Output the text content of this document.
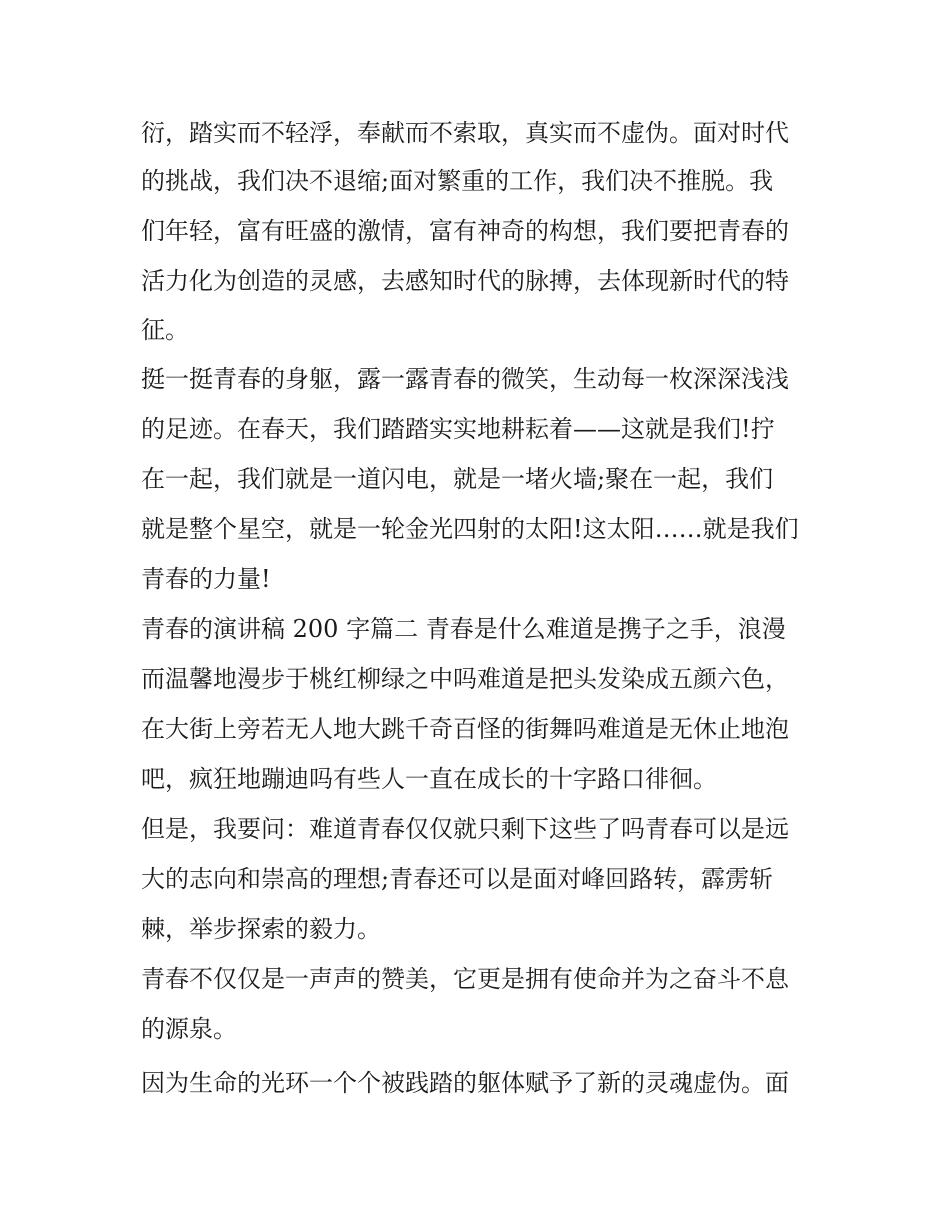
衍，踏实而不轻浮，奉献而不索取，真实而不虚伪。面对时代
的挑战，我们决不退缩;面对繁重的工作，我们决不推脱。我
们年轻，富有旺盛的激情，富有神奇的构想，我们要把青春的
活力化为创造的灵感，去感知时代的脉搏，去体现新时代的特
征。
挺一挺青春的身躯，露一露青春的微笑，生动每一枚深深浅浅
的足迹。在春天，我们踏踏实实地耕耘着——这就是我们!拧
在一起，我们就是一道闪电，就是一堵火墙;聚在一起，我们
就是整个星空，就是一轮金光四射的太阳!这太阳……就是我们
青春的力量!
青春的演讲稿 200 字篇二 青春是什么难道是携子之手，浪漫
而温馨地漫步于桃红柳绿之中吗难道是把头发染成五颜六色，
在大街上旁若无人地大跳千奇百怪的街舞吗难道是无休止地泡
吧，疯狂地蹦迪吗有些人一直在成长的十字路口徘徊。
但是，我要问：难道青春仅仅就只剩下这些了吗青春可以是远
大的志向和崇高的理想;青春还可以是面对峰回路转，霹雳斩
棘，举步探索的毅力。
青春不仅仅是一声声的赞美，它更是拥有使命并为之奋斗不息
的源泉。
因为生命的光环一个个被践踏的躯体赋予了新的灵魂虚伪。面
